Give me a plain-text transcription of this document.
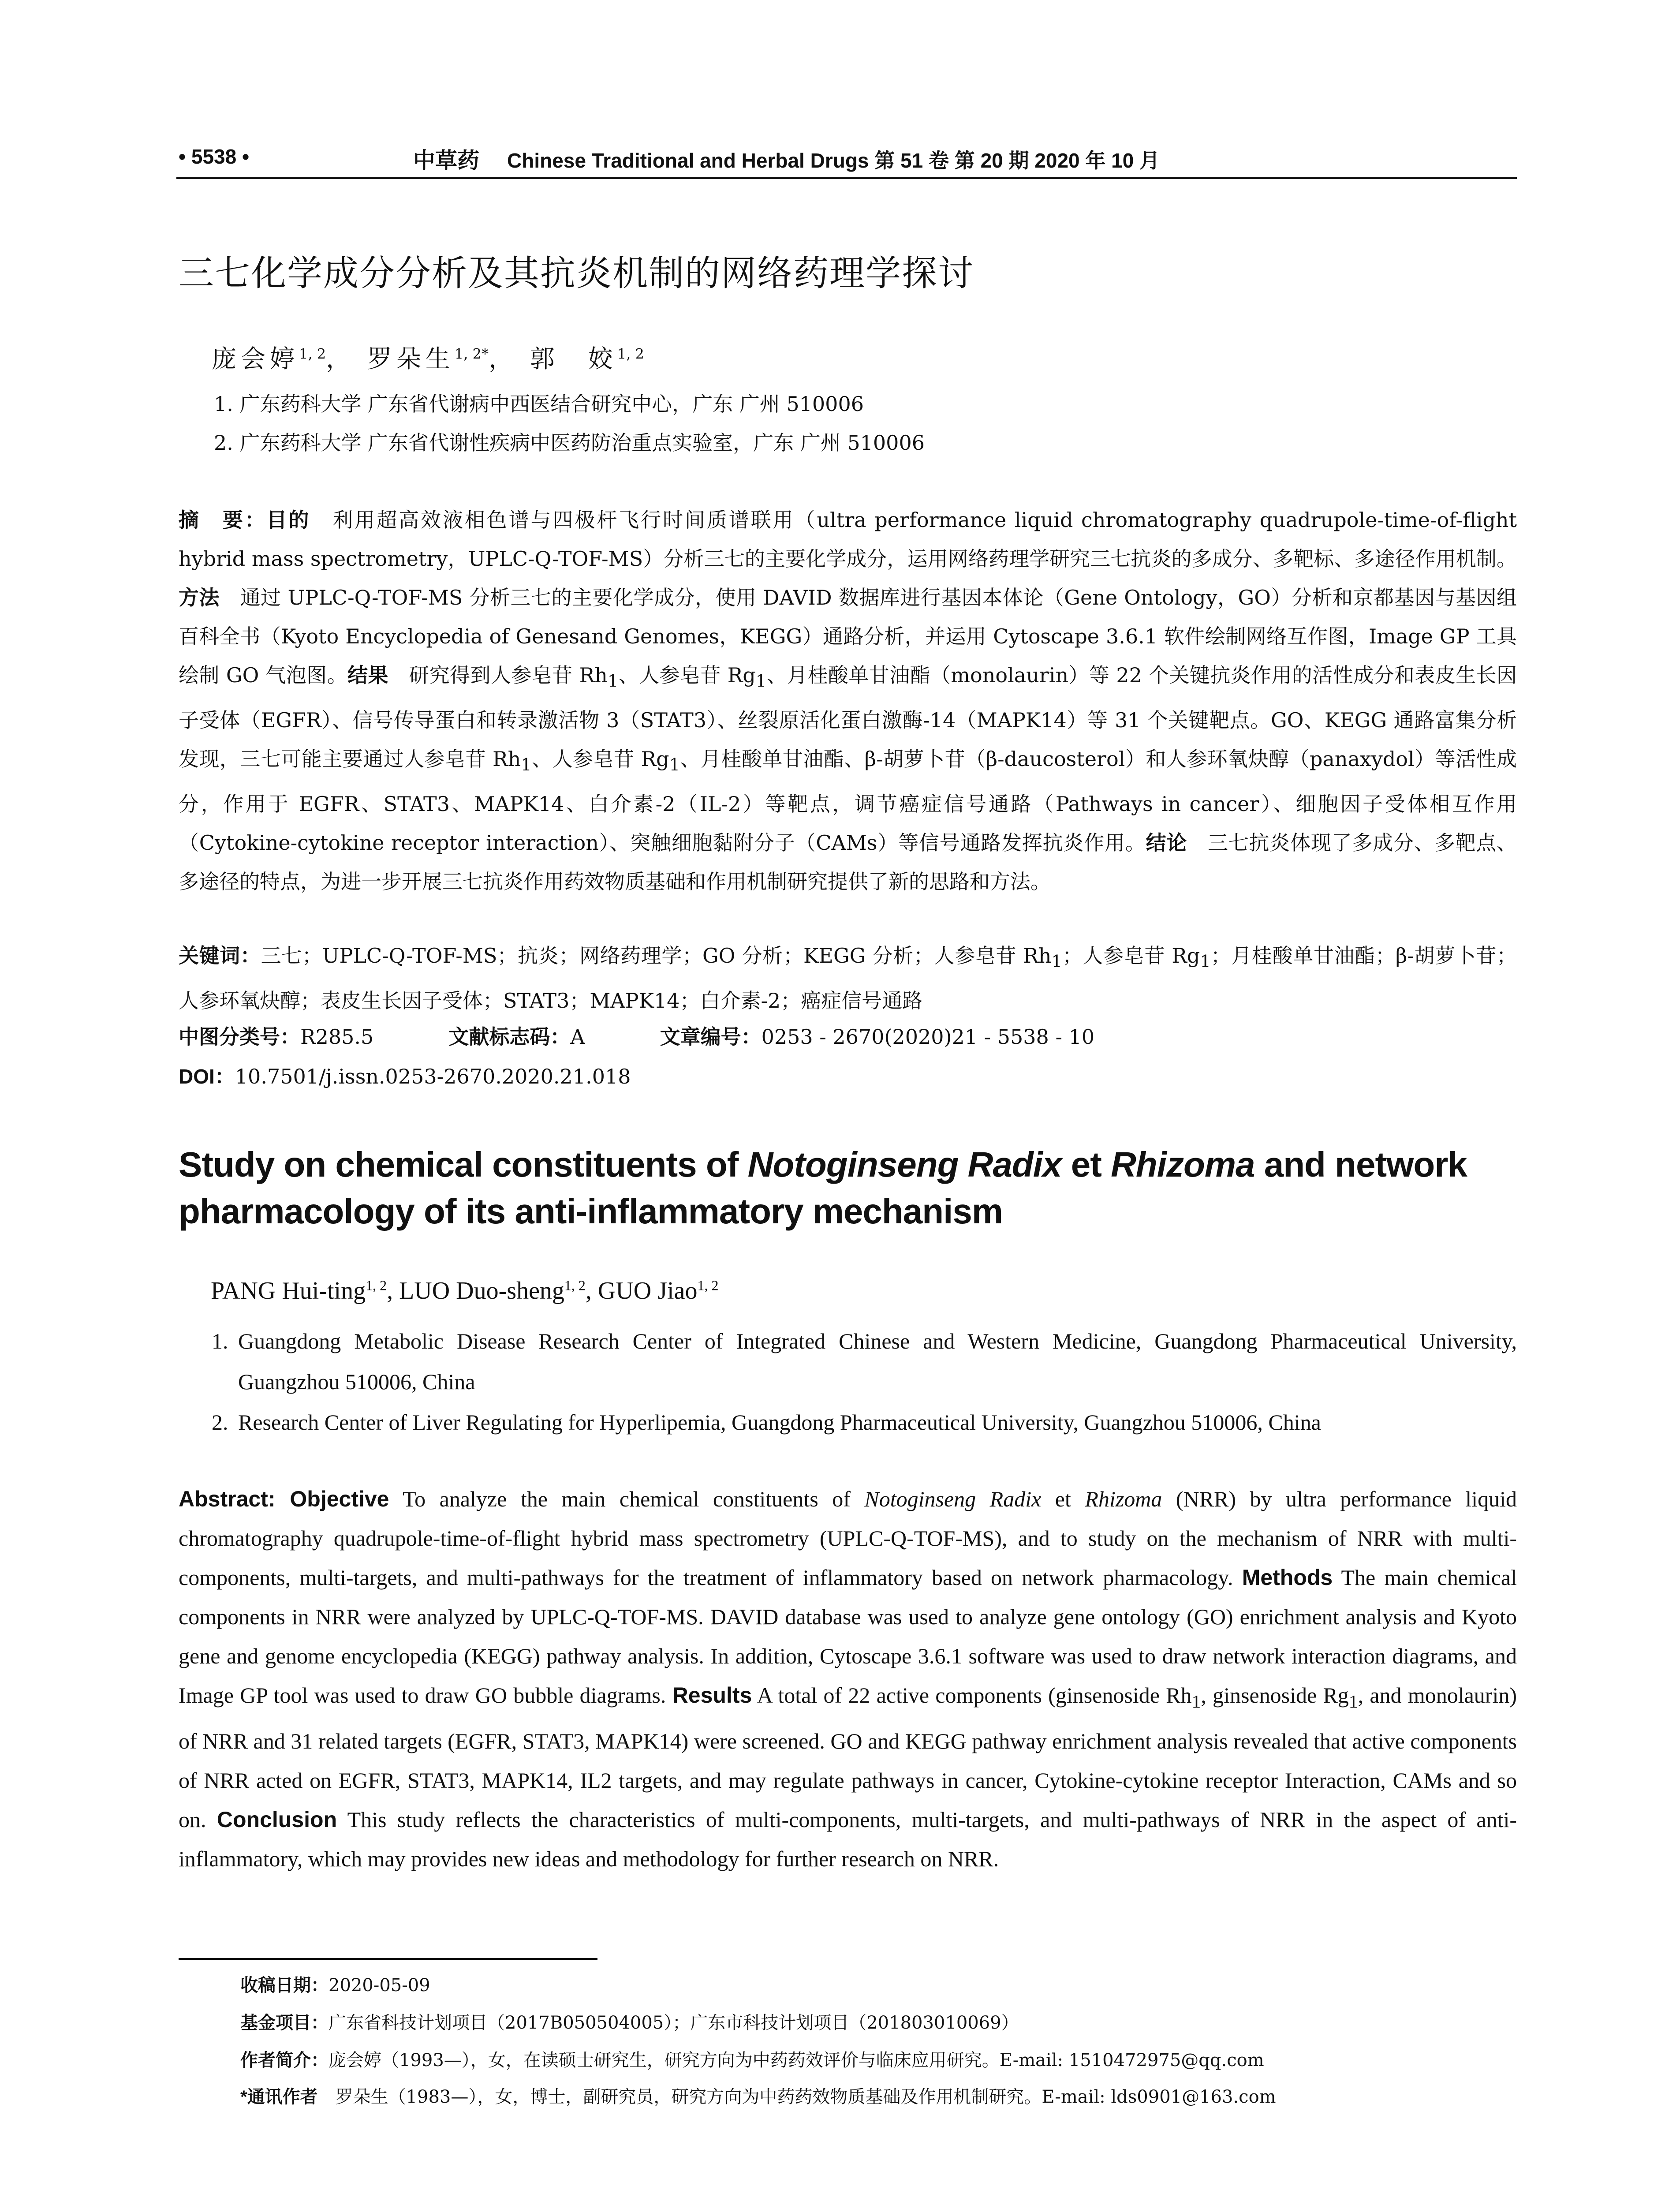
• 5538 •	中草药 Chinese Traditional and Herbal Drugs 第 51 卷 第 20 期 2020 年 10 月
三七化学成分分析及其抗炎机制的网络药理学探讨
庞会婷$^{1, 2}$， 罗朵生$^{1, 2*}$， 郭　姣$^{1, 2}$
1. 广东药科大学 广东省代谢病中西医结合研究中心，广东 广州 510006
2. 广东药科大学 广东省代谢性疾病中医药防治重点实验室，广东 广州 510006
摘　要：目的　利用超高效液相色谱与四极杆飞行时间质谱联用（ultra performance liquid chromatography quadrupole-time-of-flight hybrid mass spectrometry，UPLC-Q-TOF-MS）分析三七的主要化学成分，运用网络药理学研究三七抗炎的多成分、多靶标、多途径作用机制。方法　通过 UPLC-Q-TOF-MS 分析三七的主要化学成分，使用 DAVID 数据库进行基因本体论（Gene Ontology，GO）分析和京都基因与基因组百科全书（Kyoto Encyclopedia of Genesand Genomes，KEGG）通路分析，并运用 Cytoscape 3.6.1 软件绘制网络互作图，Image GP 工具绘制 GO 气泡图。结果　研究得到人参皂苷 $Rh_1$、人参皂苷 $Rg_1$、月桂酸单甘油酯（monolaurin）等 22 个关键抗炎作用的活性成分和表皮生长因子受体（EGFR）、信号传导蛋白和转录激活物 3（STAT3）、丝裂原活化蛋白激酶-14（MAPK14）等 31 个关键靶点。GO、KEGG 通路富集分析发现，三七可能主要通过人参皂苷 $Rh_1$、人参皂苷 $Rg_1$、月桂酸单甘油酯、β-胡萝卜苷（β-daucosterol）和人参环氧炔醇（panaxydol）等活性成分，作用于 EGFR、STAT3、MAPK14、白介素-2（IL-2）等靶点，调节癌症信号通路（Pathways in cancer）、细胞因子受体相互作用（Cytokine-cytokine receptor interaction）、突触细胞黏附分子（CAMs）等信号通路发挥抗炎作用。结论　三七抗炎体现了多成分、多靶点、多途径的特点，为进一步开展三七抗炎作用药效物质基础和作用机制研究提供了新的思路和方法。
关键词：三七；UPLC-Q-TOF-MS；抗炎；网络药理学；GO 分析；KEGG 分析；人参皂苷 $Rh_1$；人参皂苷 $Rg_1$；月桂酸单甘油酯；β-胡萝卜苷；人参环氧炔醇；表皮生长因子受体；STAT3；MAPK14；白介素-2；癌症信号通路
中图分类号：R285.5	文献标志码：A	文章编号：0253 - 2670(2020)21 - 5538 - 10
DOI：10.7501/j.issn.0253-2670.2020.21.018
Study on chemical constituents of Notoginseng Radix et Rhizoma and network pharmacology of its anti-inflammatory mechanism
PANG Hui-ting$^{1, 2}$, LUO Duo-sheng$^{1, 2}$, GUO Jiao$^{1, 2}$
1. Guangdong Metabolic Disease Research Center of Integrated Chinese and Western Medicine, Guangdong Pharmaceutical University, Guangzhou 510006, China
2. Research Center of Liver Regulating for Hyperlipemia, Guangdong Pharmaceutical University, Guangzhou 510006, China
Abstract: Objective To analyze the main chemical constituents of Notoginseng Radix et Rhizoma (NRR) by ultra performance liquid chromatography quadrupole-time-of-flight hybrid mass spectrometry (UPLC-Q-TOF-MS), and to study on the mechanism of NRR with multi-components, multi-targets, and multi-pathways for the treatment of inflammatory based on network pharmacology. Methods The main chemical components in NRR were analyzed by UPLC-Q-TOF-MS. DAVID database was used to analyze gene ontology (GO) enrichment analysis and Kyoto gene and genome encyclopedia (KEGG) pathway analysis. In addition, Cytoscape 3.6.1 software was used to draw network interaction diagrams, and Image GP tool was used to draw GO bubble diagrams. Results A total of 22 active components (ginsenoside $Rh_1$, ginsenoside $Rg_1$, and monolaurin) of NRR and 31 related targets (EGFR, STAT3, MAPK14) were screened. GO and KEGG pathway enrichment analysis revealed that active components of NRR acted on EGFR, STAT3, MAPK14, IL2 targets, and may regulate pathways in cancer, Cytokine-cytokine receptor Interaction, CAMs and so on. Conclusion This study reflects the characteristics of multi-components, multi-targets, and multi-pathways of NRR in the aspect of anti-inflammatory, which may provides new ideas and methodology for further research on NRR.
收稿日期：2020-05-09
基金项目：广东省科技计划项目（2017B050504005）；广东市科技计划项目（201803010069）
作者简介：庞会婷（1993—），女，在读硕士研究生，研究方向为中药药效评价与临床应用研究。E-mail: 1510472975@qq.com
*通讯作者　罗朵生（1983—），女，博士，副研究员，研究方向为中药药效物质基础及作用机制研究。E-mail: lds0901@163.com
